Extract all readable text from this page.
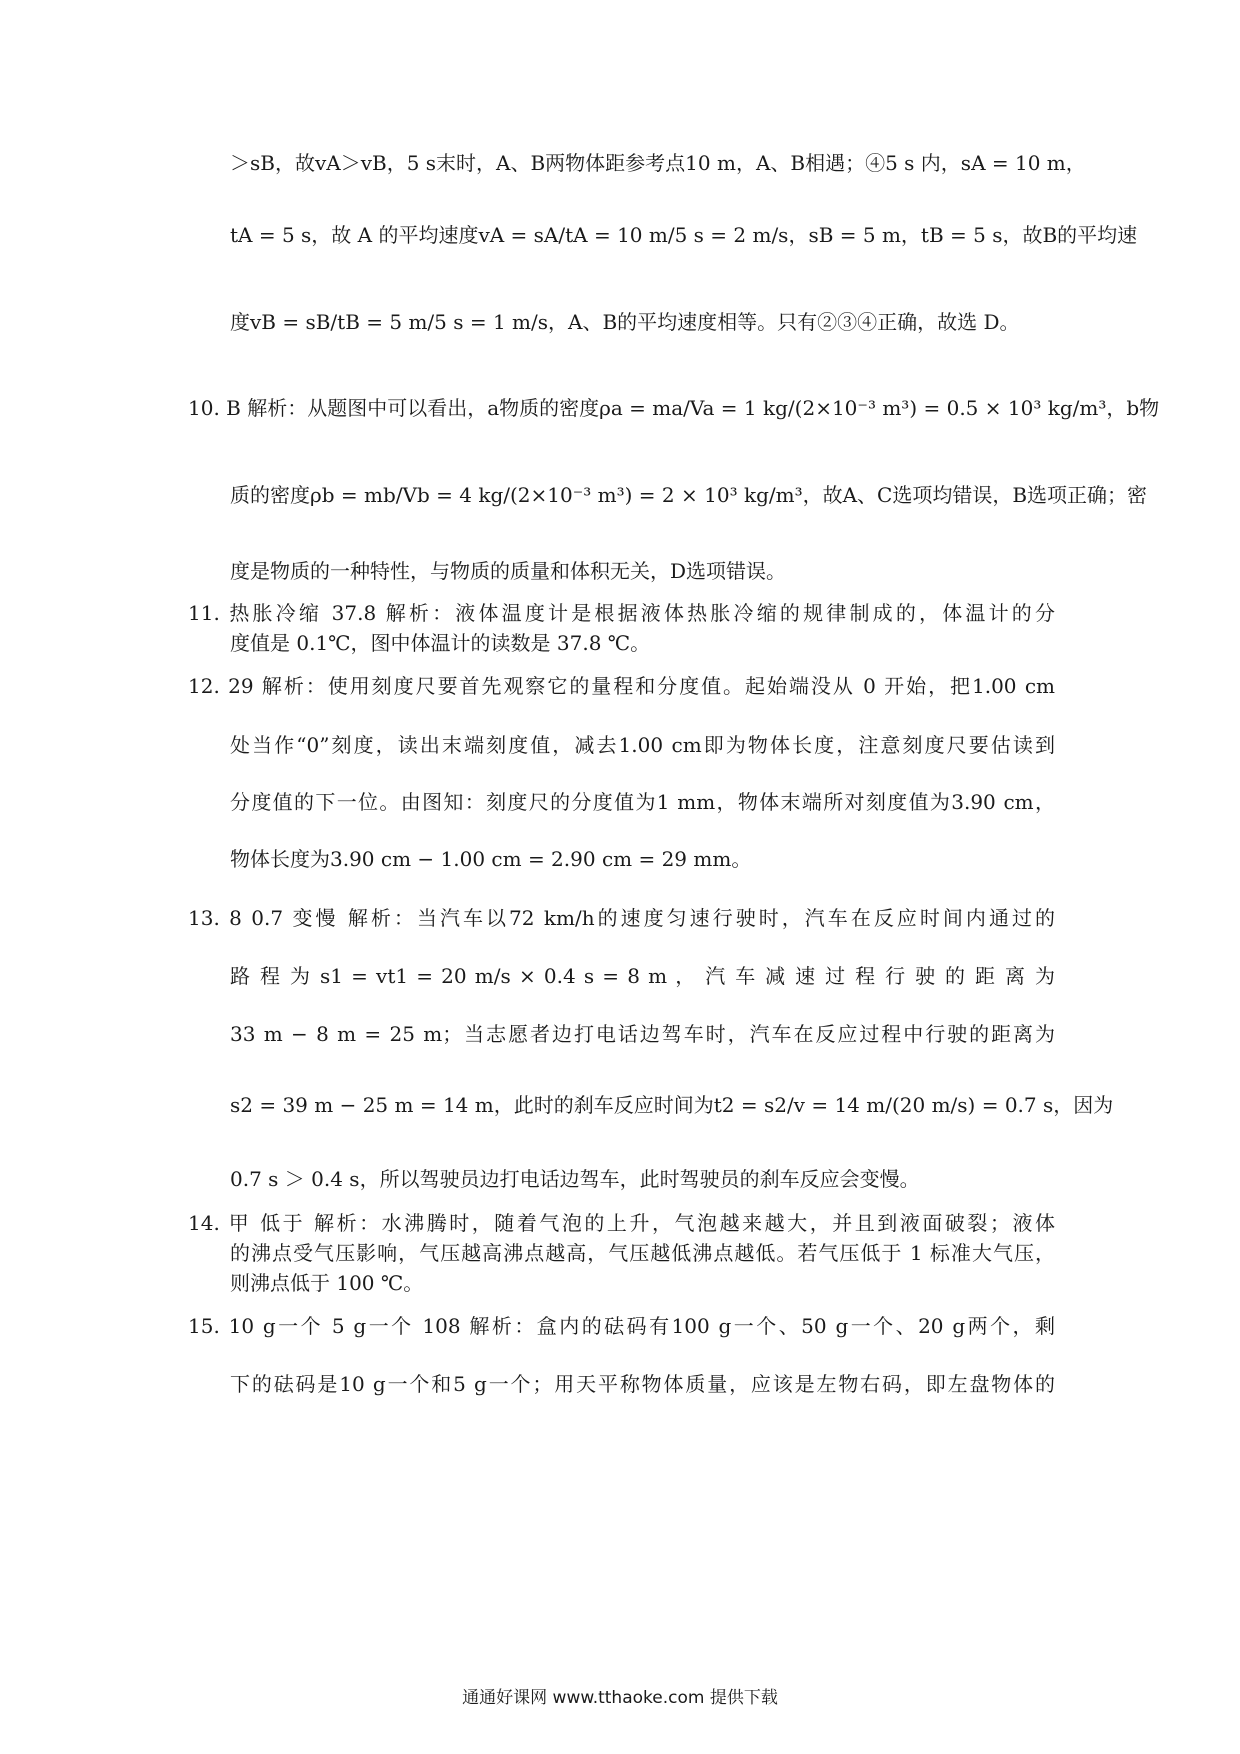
＞sB，故vA＞vB，5 s末时，A、B两物体距参考点10 m，A、B相遇；④5 s 内，sA = 10 m，
tA = 5 s，故 A 的平均速度vA = sA/tA = 10 m/5 s = 2 m/s，sB = 5 m，tB = 5 s，故B的平均速
度vB = sB/tB = 5 m/5 s = 1 m/s，A、B的平均速度相等。只有②③④正确，故选 D。
10. B 解析：从题图中可以看出，a物质的密度ρa = ma/Va = 1 kg/(2×10⁻³ m³) = 0.5 × 10³ kg/m³，b物
质的密度ρb = mb/Vb = 4 kg/(2×10⁻³ m³) = 2 × 10³ kg/m³，故A、C选项均错误，B选项正确；密
度是物质的一种特性，与物质的质量和体积无关，D选项错误。
11. 热胀冷缩 37.8 解析：液体温度计是根据液体热胀冷缩的规律制成的，体温计的分
度值是 0.1℃，图中体温计的读数是 37.8 ℃。
12. 29 解析：使用刻度尺要首先观察它的量程和分度值。起始端没从 0 开始，把1.00 cm
处当作“0”刻度，读出末端刻度值，减去1.00 cm即为物体长度，注意刻度尺要估读到
分度值的下一位。由图知：刻度尺的分度值为1 mm，物体末端所对刻度值为3.90 cm，
物体长度为3.90 cm − 1.00 cm = 2.90 cm = 29 mm。
13. 8 0.7 变慢 解析：当汽车以72 km/h的速度匀速行驶时，汽车在反应时间内通过的
路 程 为 s1 = vt1 = 20 m/s × 0.4 s = 8 m ， 汽 车 减 速 过 程 行 驶 的 距 离 为
33 m − 8 m = 25 m；当志愿者边打电话边驾车时，汽车在反应过程中行驶的距离为
s2 = 39 m − 25 m = 14 m，此时的刹车反应时间为t2 = s2/v = 14 m/(20 m/s) = 0.7 s，因为
0.7 s ＞ 0.4 s，所以驾驶员边打电话边驾车，此时驾驶员的刹车反应会变慢。
14. 甲 低于 解析：水沸腾时，随着气泡的上升，气泡越来越大，并且到液面破裂；液体
的沸点受气压影响，气压越高沸点越高，气压越低沸点越低。若气压低于 1 标准大气压，
则沸点低于 100 ℃。
15. 10 g一个 5 g一个 108 解析：盒内的砝码有100 g一个、50 g一个、20 g两个，剩
下的砝码是10 g一个和5 g一个；用天平称物体质量，应该是左物右码，即左盘物体的
通通好课网 www.tthaoke.com 提供下载
